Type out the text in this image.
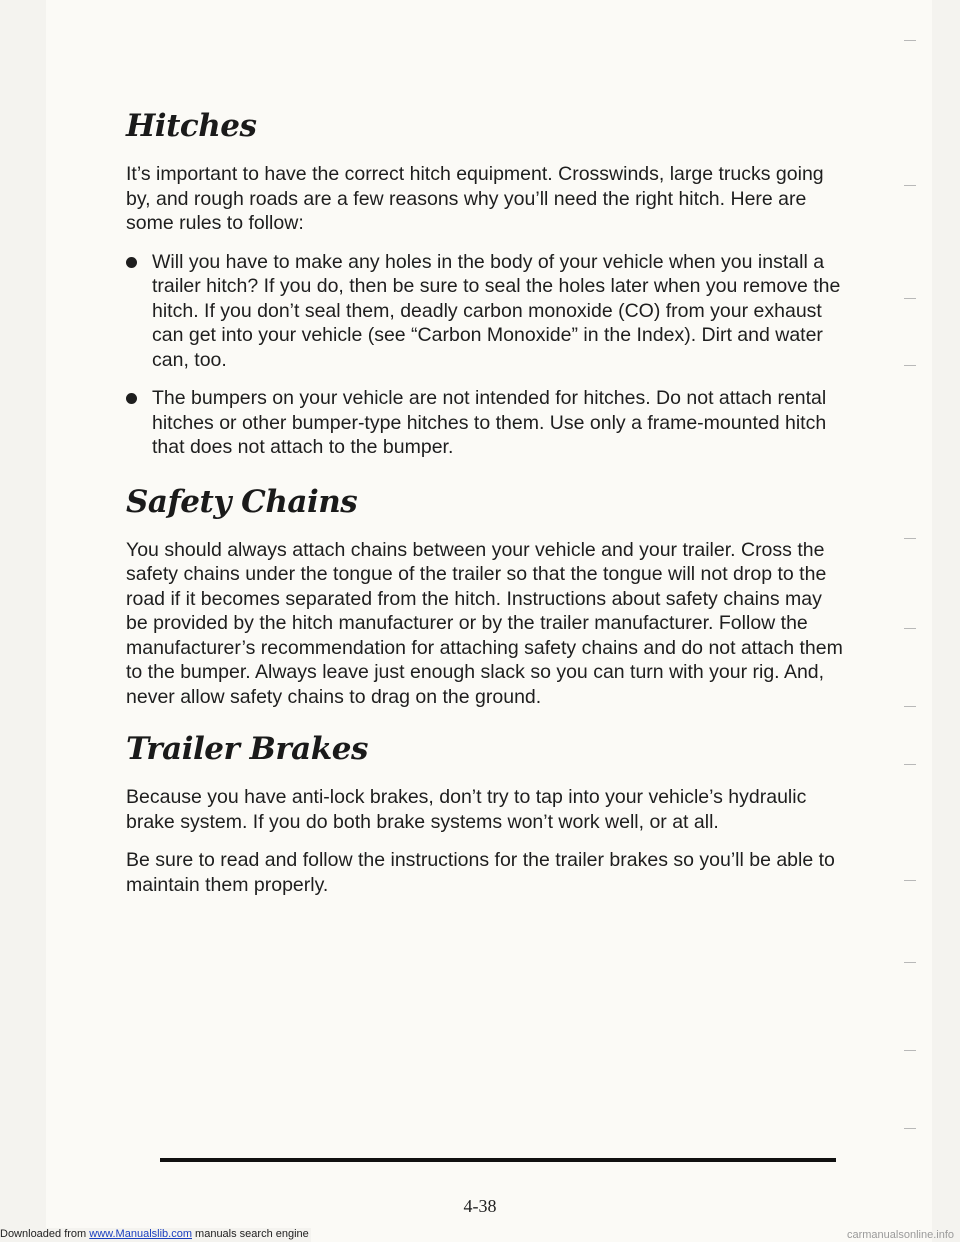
Hitches

It’s important to have the correct hitch equipment. Crosswinds, large trucks going by, and rough roads are a few reasons why you’ll need the right hitch. Here are some rules to follow:

Will you have to make any holes in the body of your vehicle when you install a trailer hitch? If you do, then be sure to seal the holes later when you remove the hitch. If you don’t seal them, deadly carbon monoxide (CO) from your exhaust can get into your vehicle (see “Carbon Monoxide” in the Index). Dirt and water can, too.
The bumpers on your vehicle are not intended for hitches. Do not attach rental hitches or other bumper-type hitches to them. Use only a frame-mounted hitch that does not attach to the bumper.
Safety Chains

You should always attach chains between your vehicle and your trailer. Cross the safety chains under the tongue of the trailer so that the tongue will not drop to the road if it becomes separated from the hitch. Instructions about safety chains may be provided by the hitch manufacturer or by the trailer manufacturer. Follow the manufacturer’s recommendation for attaching safety chains and do not attach them to the bumper. Always leave just enough slack so you can turn with your rig. And, never allow safety chains to drag on the ground.

Trailer Brakes

Because you have anti-lock brakes, don’t try to tap into your vehicle’s hydraulic brake system. If you do both brake systems won’t work well, or at all.

Be sure to read and follow the instructions for the trailer brakes so you’ll be able to maintain them properly.

4-38
Downloaded from www.Manualslib.com manuals search engine	carmanualsonline.info
